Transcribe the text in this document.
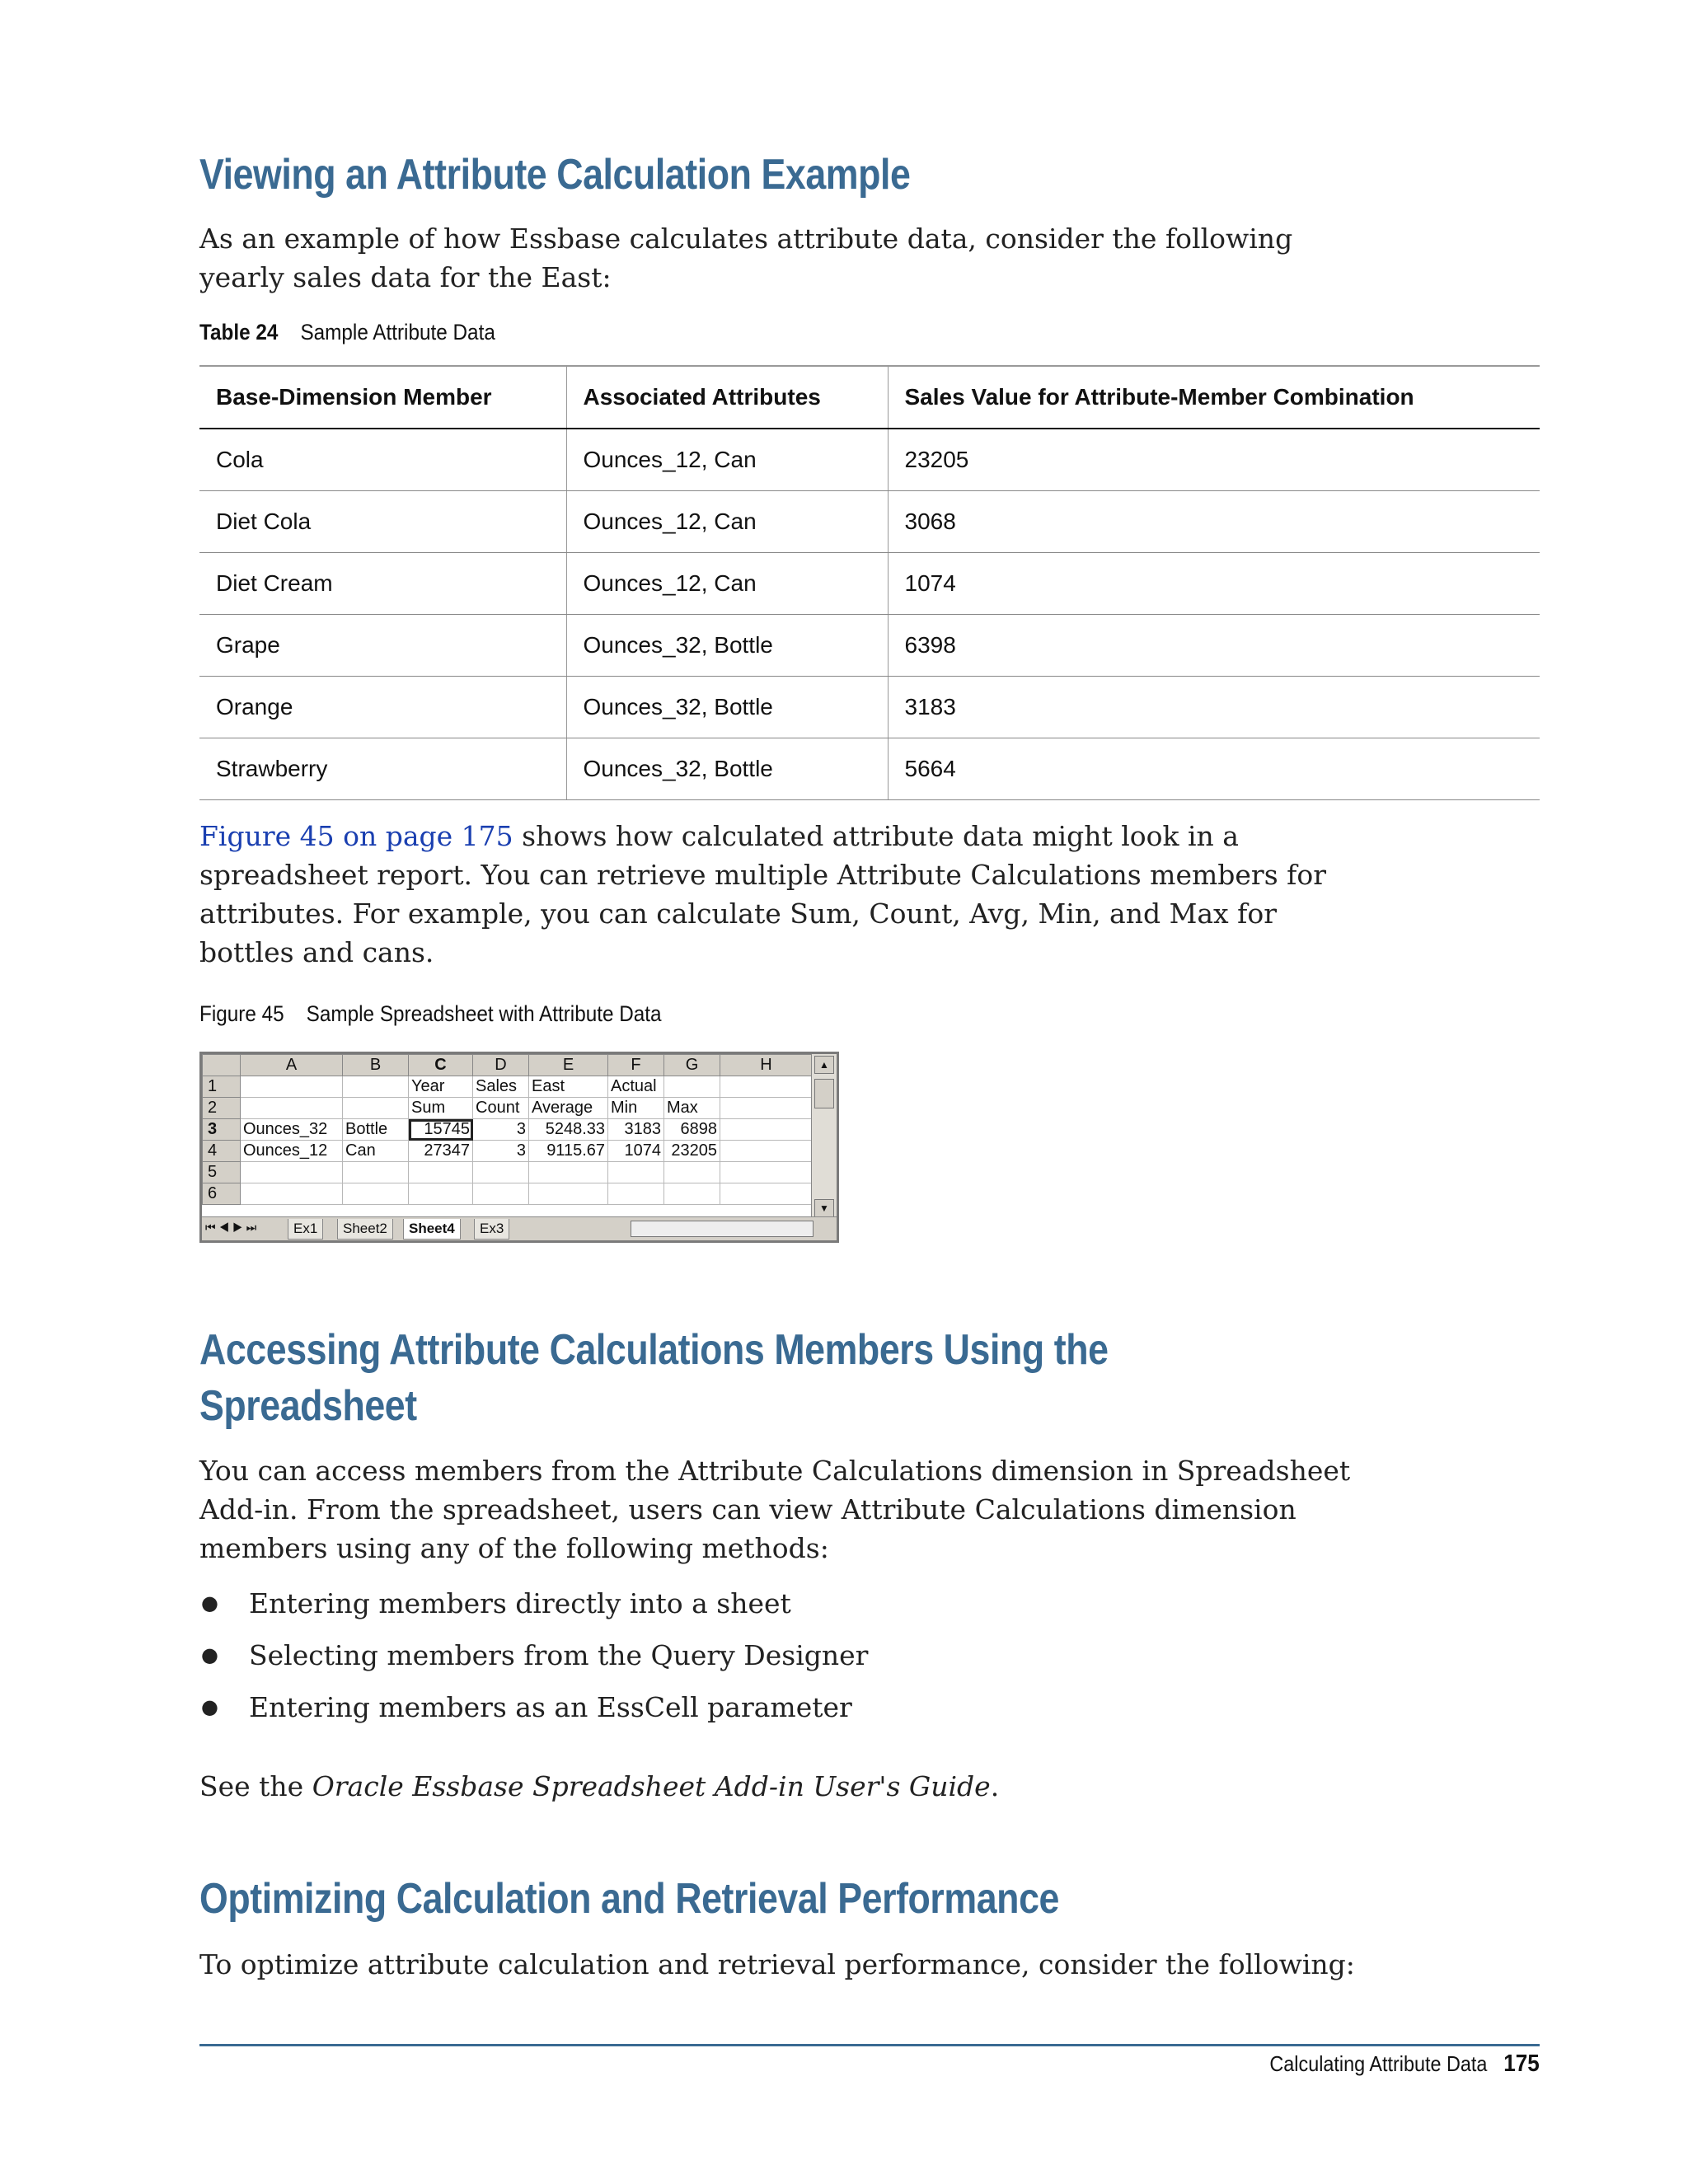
Viewing an Attribute Calculation Example

As an example of how Essbase calculates attribute data, consider the following yearly sales data for the East:

Table 24 Sample Attribute Data
Base-Dimension Member	Associated Attributes	Sales Value for Attribute-Member Combination
Cola	Ounces_12, Can	23205
Diet Cola	Ounces_12, Can	3068
Diet Cream	Ounces_12, Can	1074
Grape	Ounces_32, Bottle	6398
Orange	Ounces_32, Bottle	3183
Strawberry	Ounces_32, Bottle	5664

Figure 45 on page 175 shows how calculated attribute data might look in a spreadsheet report. You can retrieve multiple Attribute Calculations members for attributes. For example, you can calculate Sum, Count, Avg, Min, and Max for bottles and cans.

Figure 45 Sample Spreadsheet with Attribute Data
	A	B	C	D	E	F	G	H
1			Year	Sales	East	Actual		
2			Sum	Count	Average	Min	Max	
3	Ounces_32	Bottle	15745	3	5248.33	3183	6898	
4	Ounces_12	Can	27347	3	9115.67	1074	23205	
5								
6								
▲
▼
⏮◀▶⏭	Ex1	Sheet2	Sheet4	Ex3
Accessing Attribute Calculations Members Using the
Spreadsheet

You can access members from the Attribute Calculations dimension in Spreadsheet Add-in. From the spreadsheet, users can view Attribute Calculations dimension members using any of the following methods:

● Entering members directly into a sheet
● Selecting members from the Query Designer
● Entering members as an EssCell parameter

See the Oracle Essbase Spreadsheet Add-in User's Guide.

Optimizing Calculation and Retrieval Performance

To optimize attribute calculation and retrieval performance, consider the following:

Calculating Attribute Data 175
